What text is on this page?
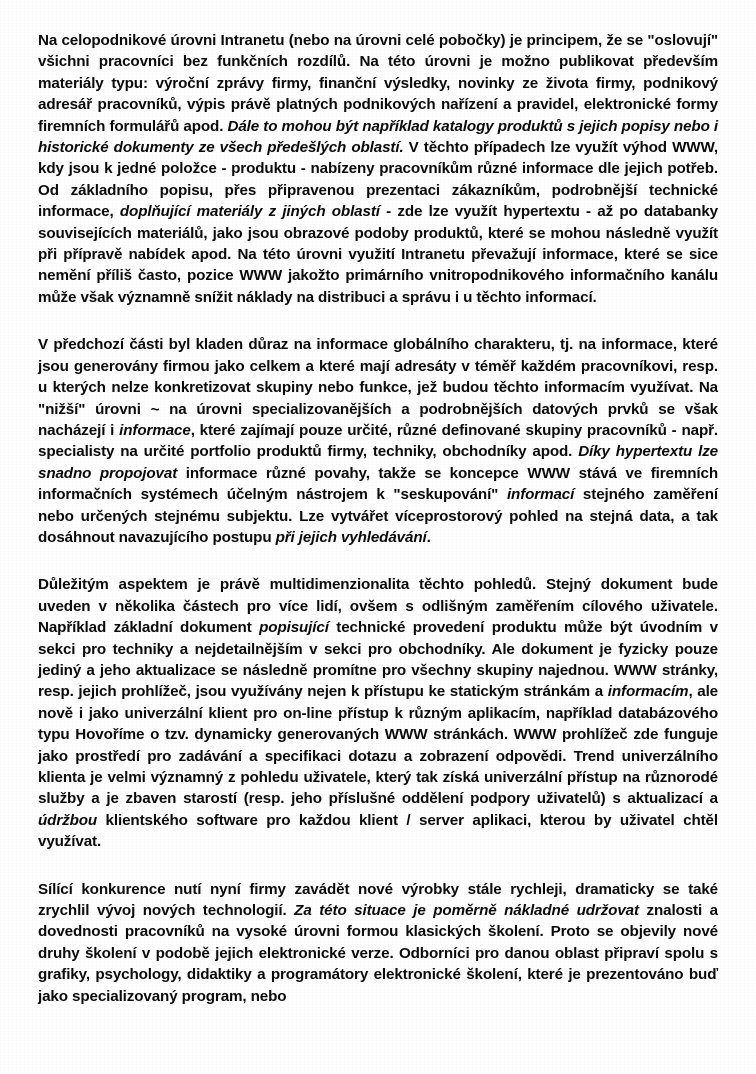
Na celopodnikové úrovni Intranetu (nebo na úrovni celé pobočky) je principem, že se "oslovují" všichni pracovníci bez funkčních rozdílů. Na této úrovni je možno publikovat především materiály typu: výroční zprávy firmy, finanční výsledky, novinky ze života firmy, podnikový adresář pracovníků, výpis právě platných podnikových nařízení a pravidel, elektronické formy firemních formulářů apod. Dále to mohou být například katalogy produktů s jejich popisy nebo i historické dokumenty ze všech předešlých oblastí. V těchto případech lze využít výhod WWW, kdy jsou k jedné položce - produktu - nabízeny pracovníkům různé informace dle jejich potřeb. Od základního popisu, přes připravenou prezentaci zákazníkům, podrobnější technické informace, doplňující materiály z jiných oblastí - zde lze využít hypertextu - až po databanky souvisejících materiálů, jako jsou obrazové podoby produktů, které se mohou následně využít při přípravě nabídek apod. Na této úrovni využití Intranetu převažují informace, které se sice nemění příliš často, pozice WWW jakožto primárního vnitropodnikového informačního kanálu může však významně snížit náklady na distribuci a správu i u těchto informací.

V předchozí části byl kladen důraz na informace globálního charakteru, tj. na informace, které jsou generovány firmou jako celkem a které mají adresáty v téměř každém pracovníkovi, resp. u kterých nelze konkretizovat skupiny nebo funkce, jež budou těchto informacím využívat. Na "nižší" úrovni ~ na úrovni specializovanějších a podrobnějších datových prvků se však nacházejí i informace, které zajímají pouze určité, různé definované skupiny pracovníků - např. specialisty na určité portfolio produktů firmy, techniky, obchodníky apod. Díky hypertextu lze snadno propojovat informace různé povahy, takže se koncepce WWW stává ve firemních informačních systémech účelným nástrojem k "seskupování" informací stejného zaměření nebo určených stejnému subjektu. Lze vytvářet víceprostorový pohled na stejná data, a tak dosáhnout navazujícího postupu při jejich vyhledávání.

Důležitým aspektem je právě multidimenzionalita těchto pohledů. Stejný dokument bude uveden v několika částech pro více lidí, ovšem s odlišným zaměřením cílového uživatele. Například základní dokument popisující technické provedení produktu může být úvodním v sekci pro techniky a nejdetailnějším v sekci pro obchodníky. Ale dokument je fyzicky pouze jediný a jeho aktualizace se následně promítne pro všechny skupiny najednou. WWW stránky, resp. jejich prohlížeč, jsou využívány nejen k přístupu ke statickým stránkám a informacím, ale nově i jako univerzální klient pro on-line přístup k různým aplikacím, například databázového typu Hovoříme o tzv. dynamicky generovaných WWW stránkách. WWW prohlížeč zde funguje jako prostředí pro zadávání a specifikaci dotazu a zobrazení odpovědi. Trend univerzálního klienta je velmi významný z pohledu uživatele, který tak získá univerzální přístup na různorodé služby a je zbaven starostí (resp. jeho příslušné oddělení podpory uživatelů) s aktualizací a údržbou klientského software pro každou klient / server aplikaci, kterou by uživatel chtěl využívat.

Sílící konkurence nutí nyní firmy zavádět nové výrobky stále rychleji, dramaticky se také zrychlil vývoj nových technologií. Za této situace je poměrně nákladné udržovat znalosti a dovednosti pracovníků na vysoké úrovni formou klasických školení. Proto se objevily nové druhy školení v podobě jejich elektronické verze. Odborníci pro danou oblast připraví spolu s grafiky, psychology, didaktiky a programátory elektronické školení, které je prezentováno buď jako specializovaný program, nebo
